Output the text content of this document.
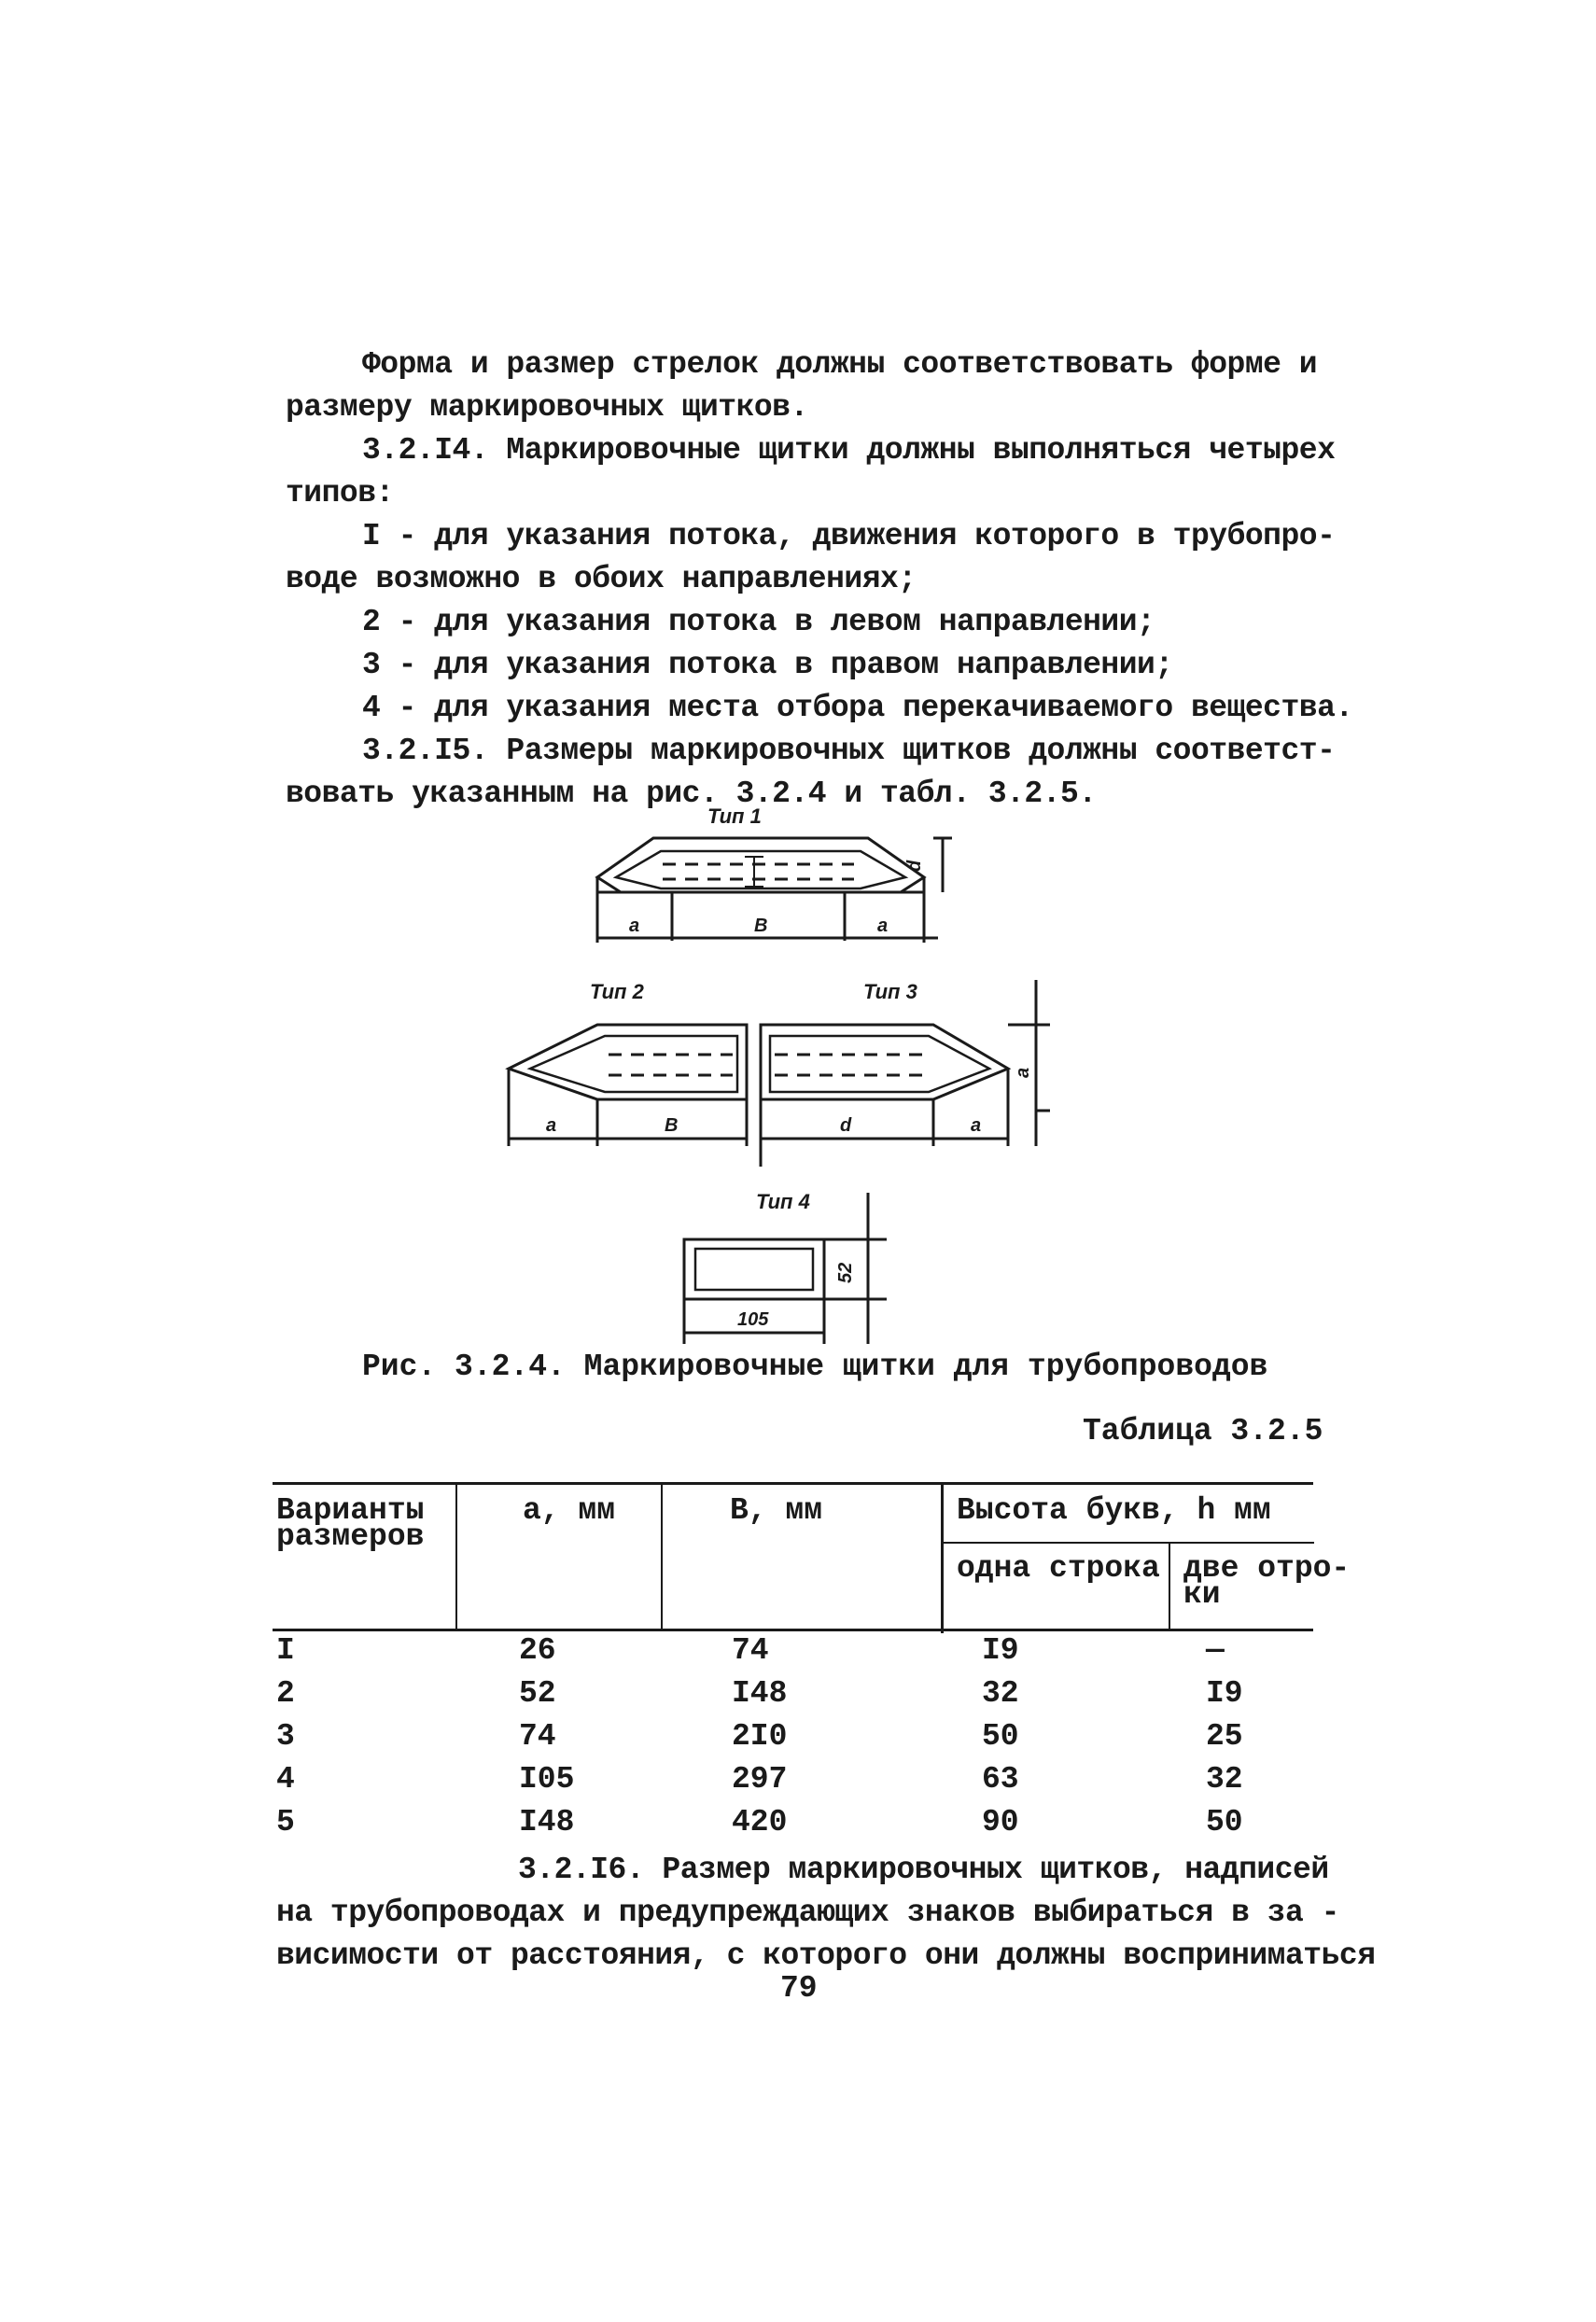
Форма и размер стрелок должны соответствовать форме и
размеру маркировочных щитков.
3.2.I4. Маркировочные щитки должны выполняться четырех
типов:
I - для указания потока, движения которого в трубопро-
воде возможно в обоих направлениях;
2 - для указания потока в левом направлении;
3 - для указания потока в правом направлении;
4 - для указания места отбора перекачиваемого вещества.
3.2.I5. Размеры маркировочных щитков должны соответст-
вовать указанным на рис. 3.2.4 и табл. 3.2.5.
Тип 1
a	B	a
d
Тип 2
a	B
Тип 3
d	a
a
Тип 4
105
52
Рис. 3.2.4. Маркировочные щитки для трубопроводов
Таблица 3.2.5
Варианты
размеров
a, мм	B, мм	Высота букв, h мм
одна строка две отро-
ки
I	26	74	I9	—
2	52	I48	32	I9
3	74	2I0	50	25
4	I05	297	63	32
5	I48	420	90	50
3.2.I6. Размер маркировочных щитков, надписей
на трубопроводах и предупреждающих знаков выбираться в за -
висимости от расстояния, с которого они должны восприниматься
79
